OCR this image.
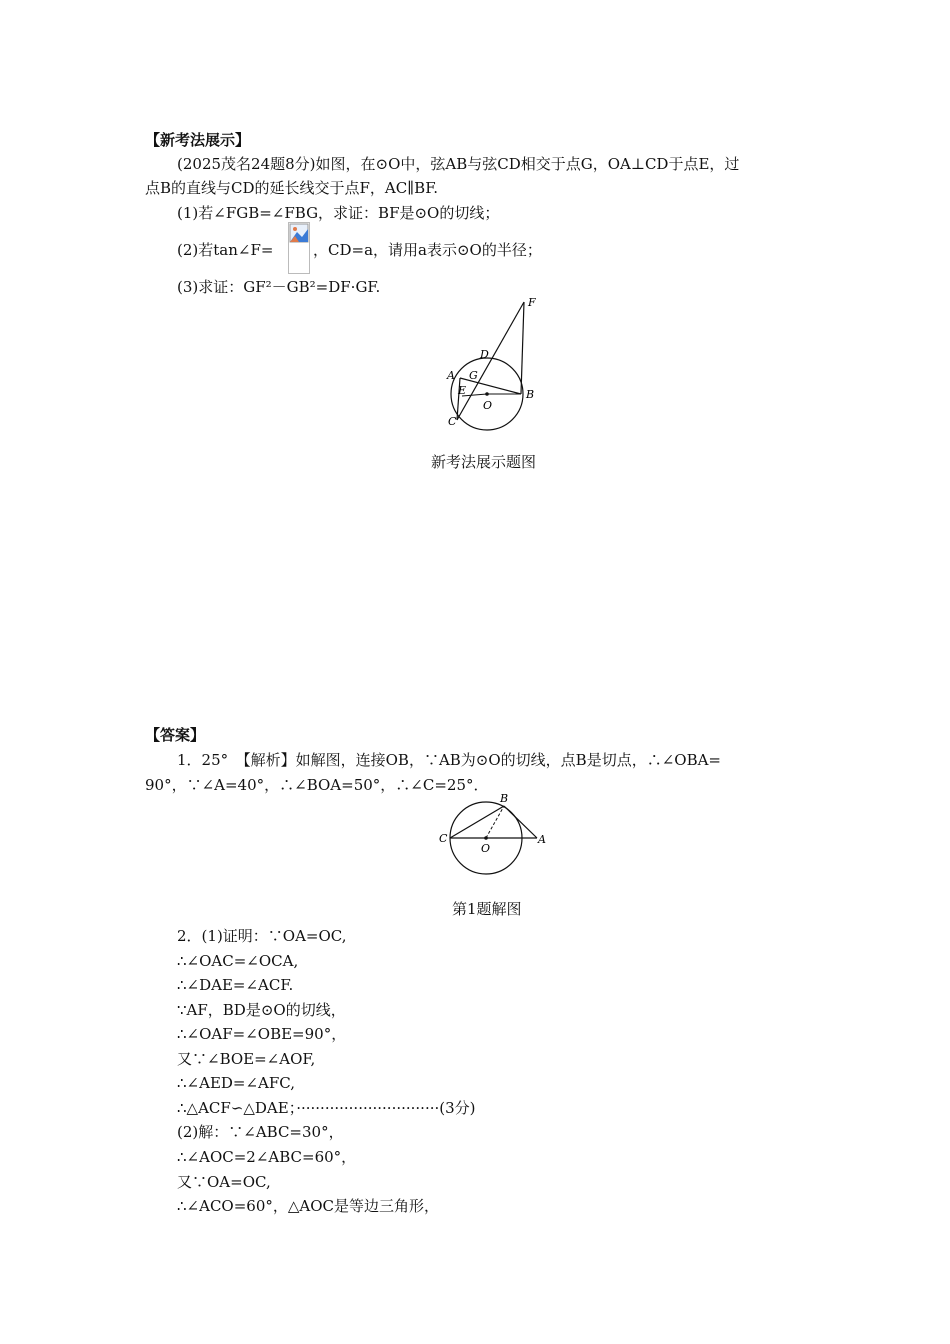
【新考法展示】
(2025茂名24题8分)如图，在⊙O中，弦AB与弦CD相交于点G，OA⊥CD于点E，过
点B的直线与CD的延长线交于点F，AC∥BF.
(1)若∠FGB=∠FBG，求证：BF是⊙O的切线；
(2)若tan∠F=	，CD=a，请用a表示⊙O的半径；
(3)求证：GF²－GB²=DF·GF.
F
D
A G
E
O
B
C
新考法展示题图
【答案】
1．25°　【解析】如解图，连接OB，∵AB为⊙O的切线，点B是切点，∴∠OBA=
90°，∵∠A=40°，∴∠BOA=50°，∴∠C=25°．
B
C
O
A
第1题解图
2．(1)证明：∵OA=OC,
∴∠OAC=∠OCA,
∴∠DAE=∠ACF.
∵AF，BD是⊙O的切线，
∴∠OAF=∠OBE=90°，
又∵∠BOE=∠AOF,
∴∠AED=∠AFC,
∴△ACF∽△DAE；······························(3分)
(2)解：∵∠ABC=30°，
∴∠AOC=2∠ABC=60°，
又∵OA=OC,
∴∠ACO=60°，△AOC是等边三角形，
